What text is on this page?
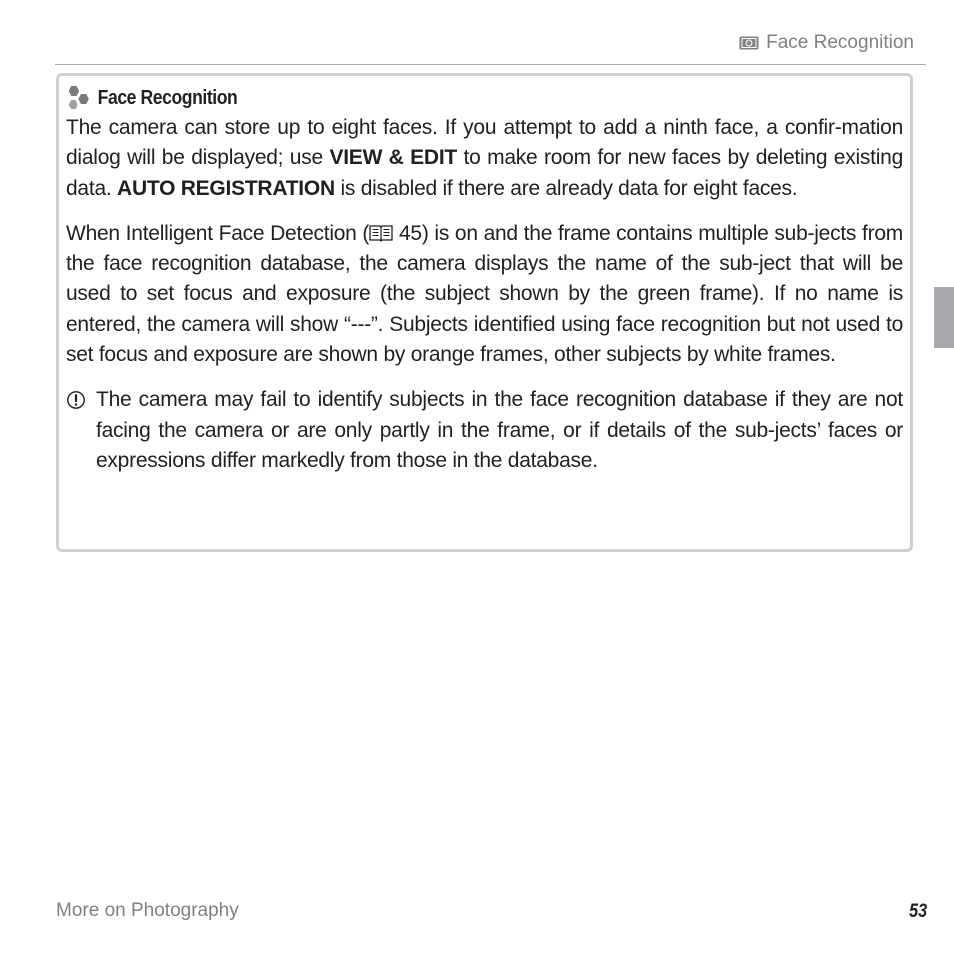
Face Recognition
Face Recognition

The camera can store up to eight faces. If you attempt to add a ninth face, a confir-mation dialog will be displayed; use VIEW & EDIT to make room for new faces by deleting existing data. AUTO REGISTRATION is disabled if there are already data for eight faces.

When Intelligent Face Detection ( 45) is on and the frame contains multiple sub-jects from the face recognition database, the camera displays the name of the sub-ject that will be used to set focus and exposure (the subject shown by the green frame). If no name is entered, the camera will show “---”. Subjects identified using face recognition but not used to set focus and exposure are shown by orange frames, other subjects by white frames.

The camera may fail to identify subjects in the face recognition database if they are not facing the camera or are only partly in the frame, or if details of the sub-jects’ faces or expressions differ markedly from those in the database.

More on Photography	53
